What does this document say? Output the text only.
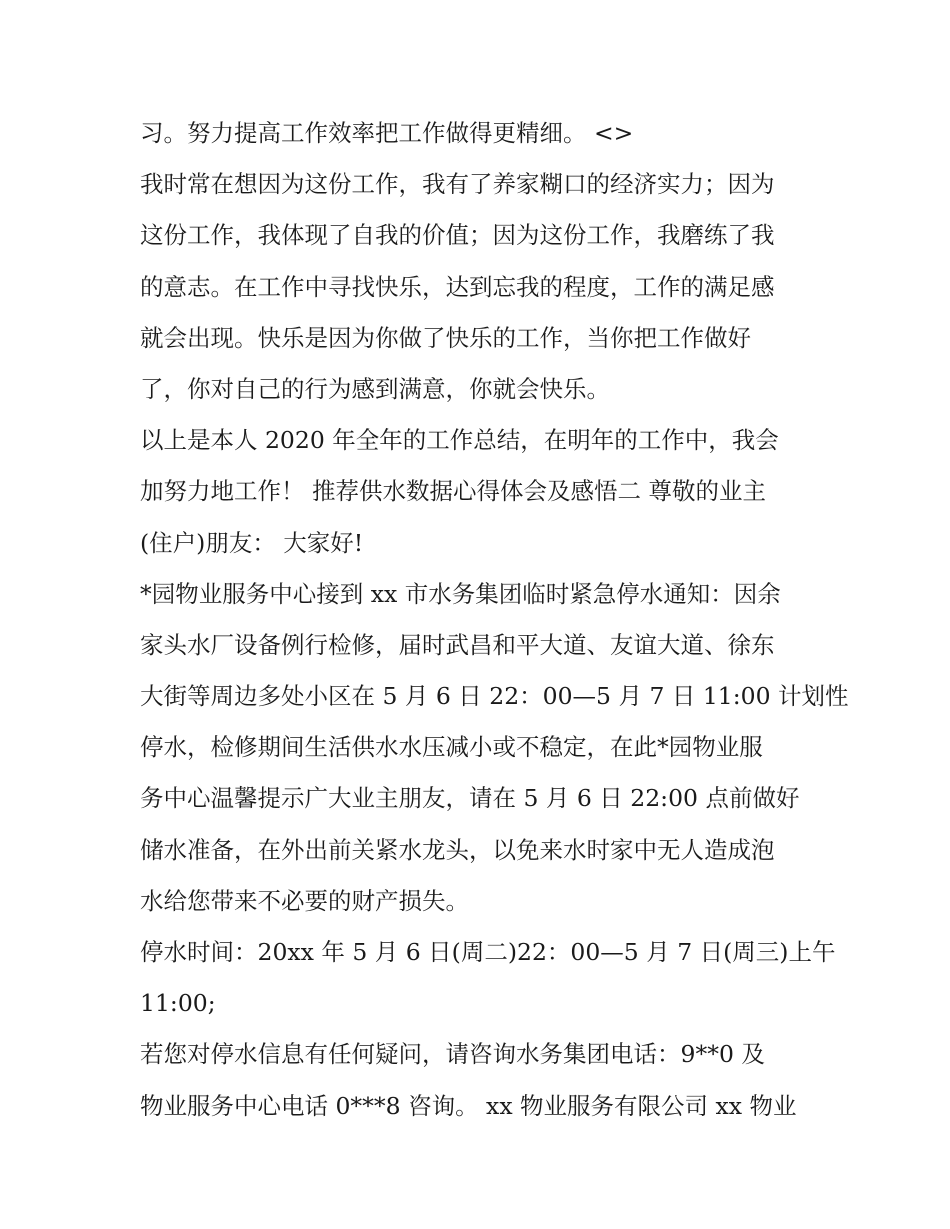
习。努力提高工作效率把工作做得更精细。 <>
我时常在想因为这份工作，我有了养家糊口的经济实力；因为
这份工作，我体现了自我的价值；因为这份工作，我磨练了我
的意志。在工作中寻找快乐，达到忘我的程度，工作的满足感
就会出现。快乐是因为你做了快乐的工作，当你把工作做好
了，你对自己的行为感到满意，你就会快乐。
以上是本人 2020 年全年的工作总结，在明年的工作中，我会
加努力地工作！ 推荐供水数据心得体会及感悟二 尊敬的业主
(住户)朋友： 大家好!
*园物业服务中心接到 xx 市水务集团临时紧急停水通知：因余
家头水厂设备例行检修，届时武昌和平大道、友谊大道、徐东
大街等周边多处小区在 5 月 6 日 22：00—5 月 7 日 11:00 计划性
停水，检修期间生活供水水压减小或不稳定，在此*园物业服
务中心温馨提示广大业主朋友，请在 5 月 6 日 22:00 点前做好
储水准备，在外出前关紧水龙头，以免来水时家中无人造成泡
水给您带来不必要的财产损失。
停水时间：20xx 年 5 月 6 日(周二)22：00—5 月 7 日(周三)上午
11:00;
若您对停水信息有任何疑问，请咨询水务集团电话：9**0 及
物业服务中心电话 0***8 咨询。 xx 物业服务有限公司 xx 物业
